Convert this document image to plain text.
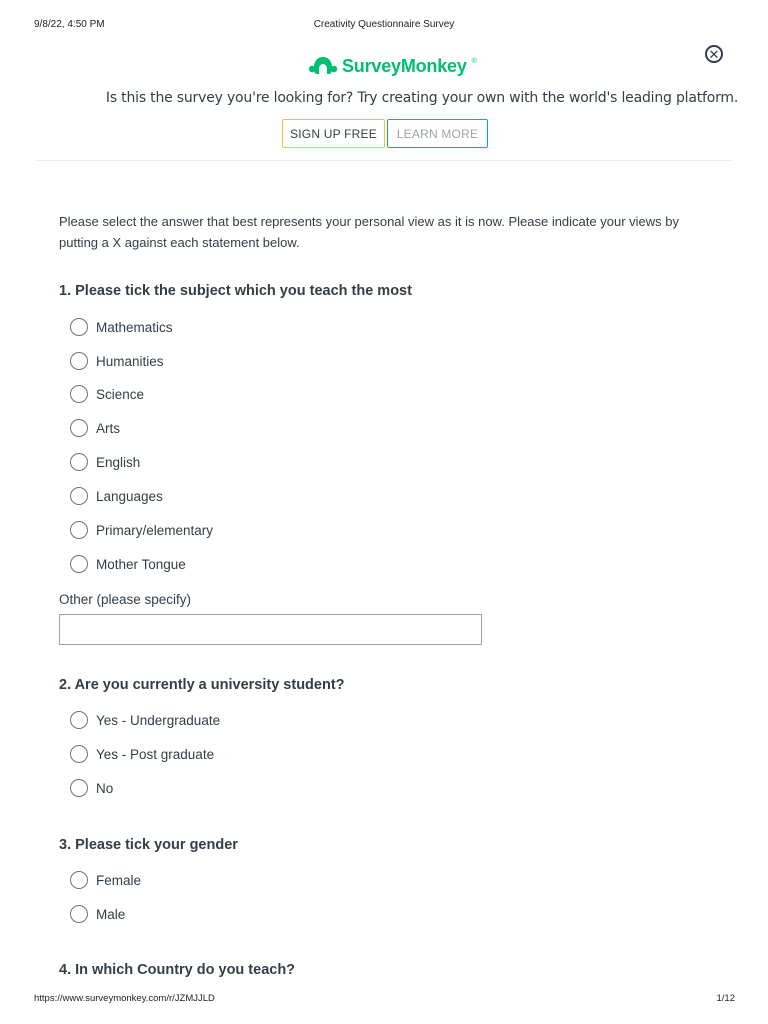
9/8/22, 4:50 PM	Creativity Questionnaire Survey
✕
SurveyMonkey ®
Is this the survey you're looking for? Try creating your own with the world's leading platform.
SIGN UP FREE	LEARN MORE
Please select the answer that best represents your personal view as it is now. Please indicate your views by putting a X against each statement below.
1. Please tick the subject which you teach the most
Mathematics
Humanities
Science
Arts
English
Languages
Primary/elementary
Mother Tongue
Other (please specify)
2. Are you currently a university student?
Yes - Undergraduate
Yes - Post graduate
No
3. Please tick your gender
Female
Male
4. In which Country do you teach?
https://www.surveymonkey.com/r/JZMJJLD	1/12
